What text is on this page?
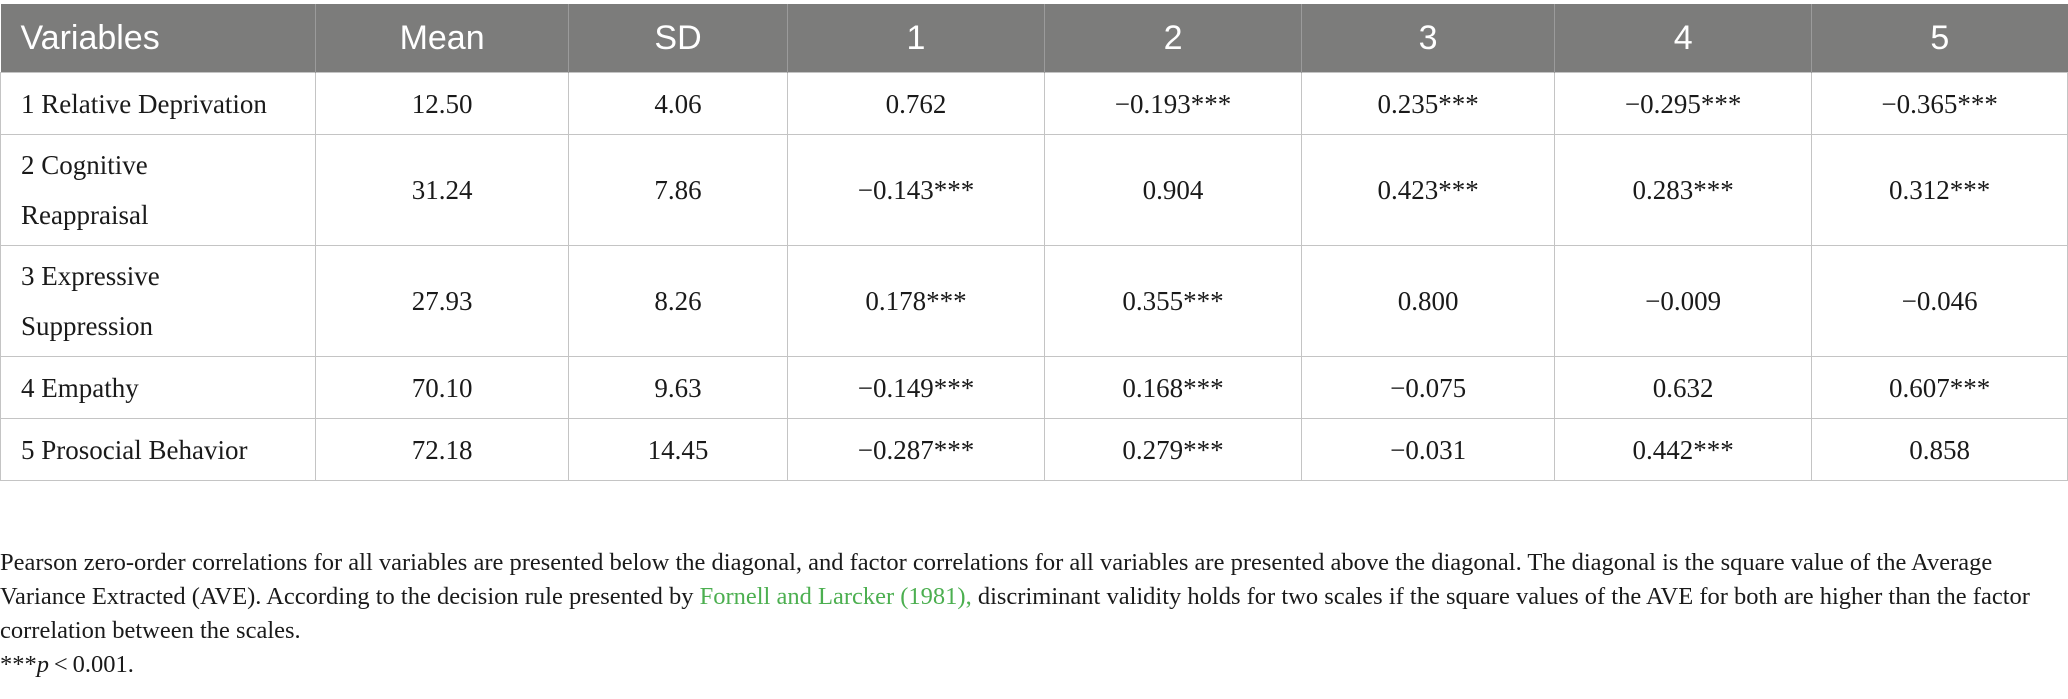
Variables	Mean	SD	1	2	3	4	5
1 Relative Deprivation	12.50	4.06	0.762	−0.193***	0.235***	−0.295***	−0.365***
2 Cognitive
Reappraisal	31.24	7.86	−0.143***	0.904	0.423***	0.283***	0.312***
3 Expressive
Suppression	27.93	8.26	0.178***	0.355***	0.800	−0.009	−0.046
4 Empathy	70.10	9.63	−0.149***	0.168***	−0.075	0.632	0.607***
5 Prosocial Behavior	72.18	14.45	−0.287***	0.279***	−0.031	0.442***	0.858

Pearson zero-order correlations for all variables are presented below the diagonal, and factor correlations for all variables are presented above the diagonal. The diagonal is the square value of the Average Variance Extracted (AVE). According to the decision rule presented by Fornell and Larcker (1981), discriminant validity holds for two scales if the square values of the AVE for both are higher than the factor correlation between the scales.

***p < 0.001.
